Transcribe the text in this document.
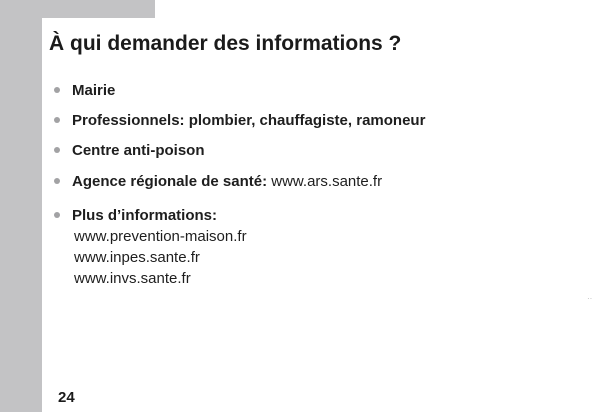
À qui demander des informations ?
Mairie
Professionnels: plombier, chauffagiste, ramoneur
Centre anti-poison
Agence régionale de santé: www.ars.sante.fr
Plus d’informations:
www.prevention-maison.fr
www.inpes.sante.fr
www.invs.sante.fr
··
24
